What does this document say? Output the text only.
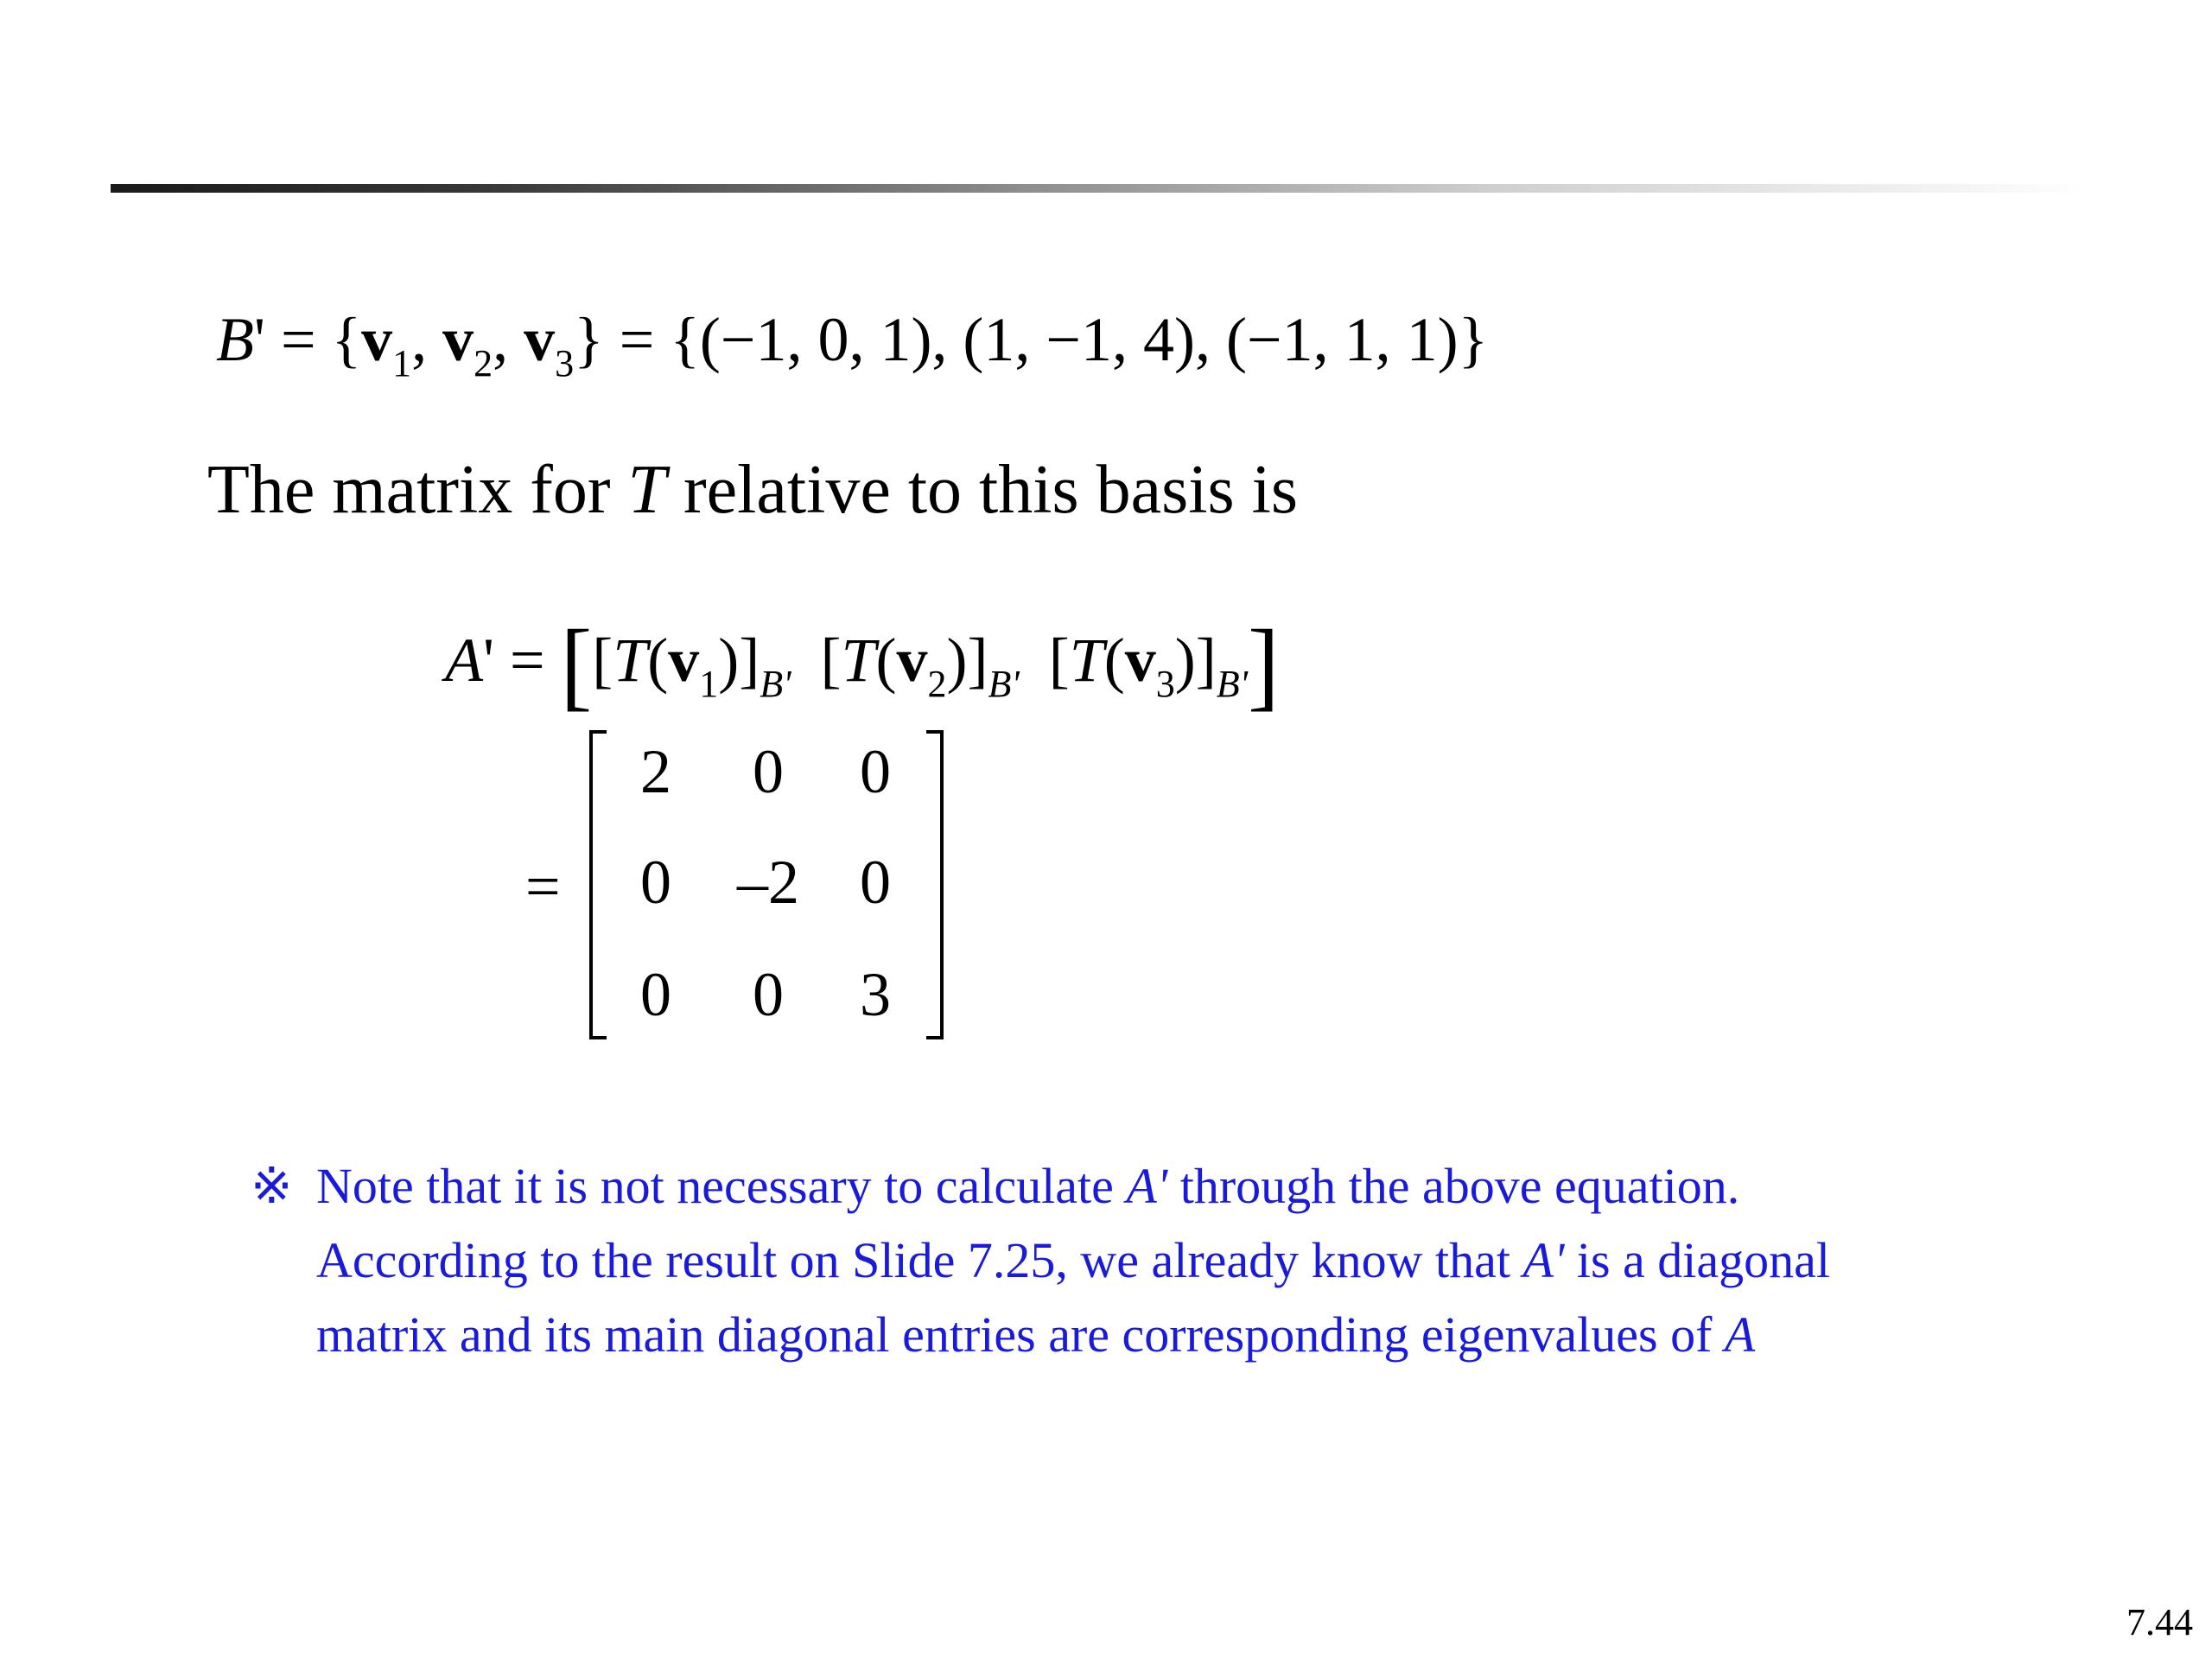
$B' = \{v_1$, $v_2$, $v_3\} = \{(-1$, 0, 1), (1, −1, 4), (−1, 1, 1)}
The matrix for T relative to this basis is
$A' = [[T(v_1)]_{B'}$ $[T(v_2)]_{B'}$ $[T(v_3)]_{B'}$]
=
2	0	0
0	–2 0
0	0	3
※ Note that it is not necessary to calculate A' through the above equation.
According to the result on Slide 7.25, we already know that A' is a diagonal
matrix and its main diagonal entries are corresponding eigenvalues of A
7.44
